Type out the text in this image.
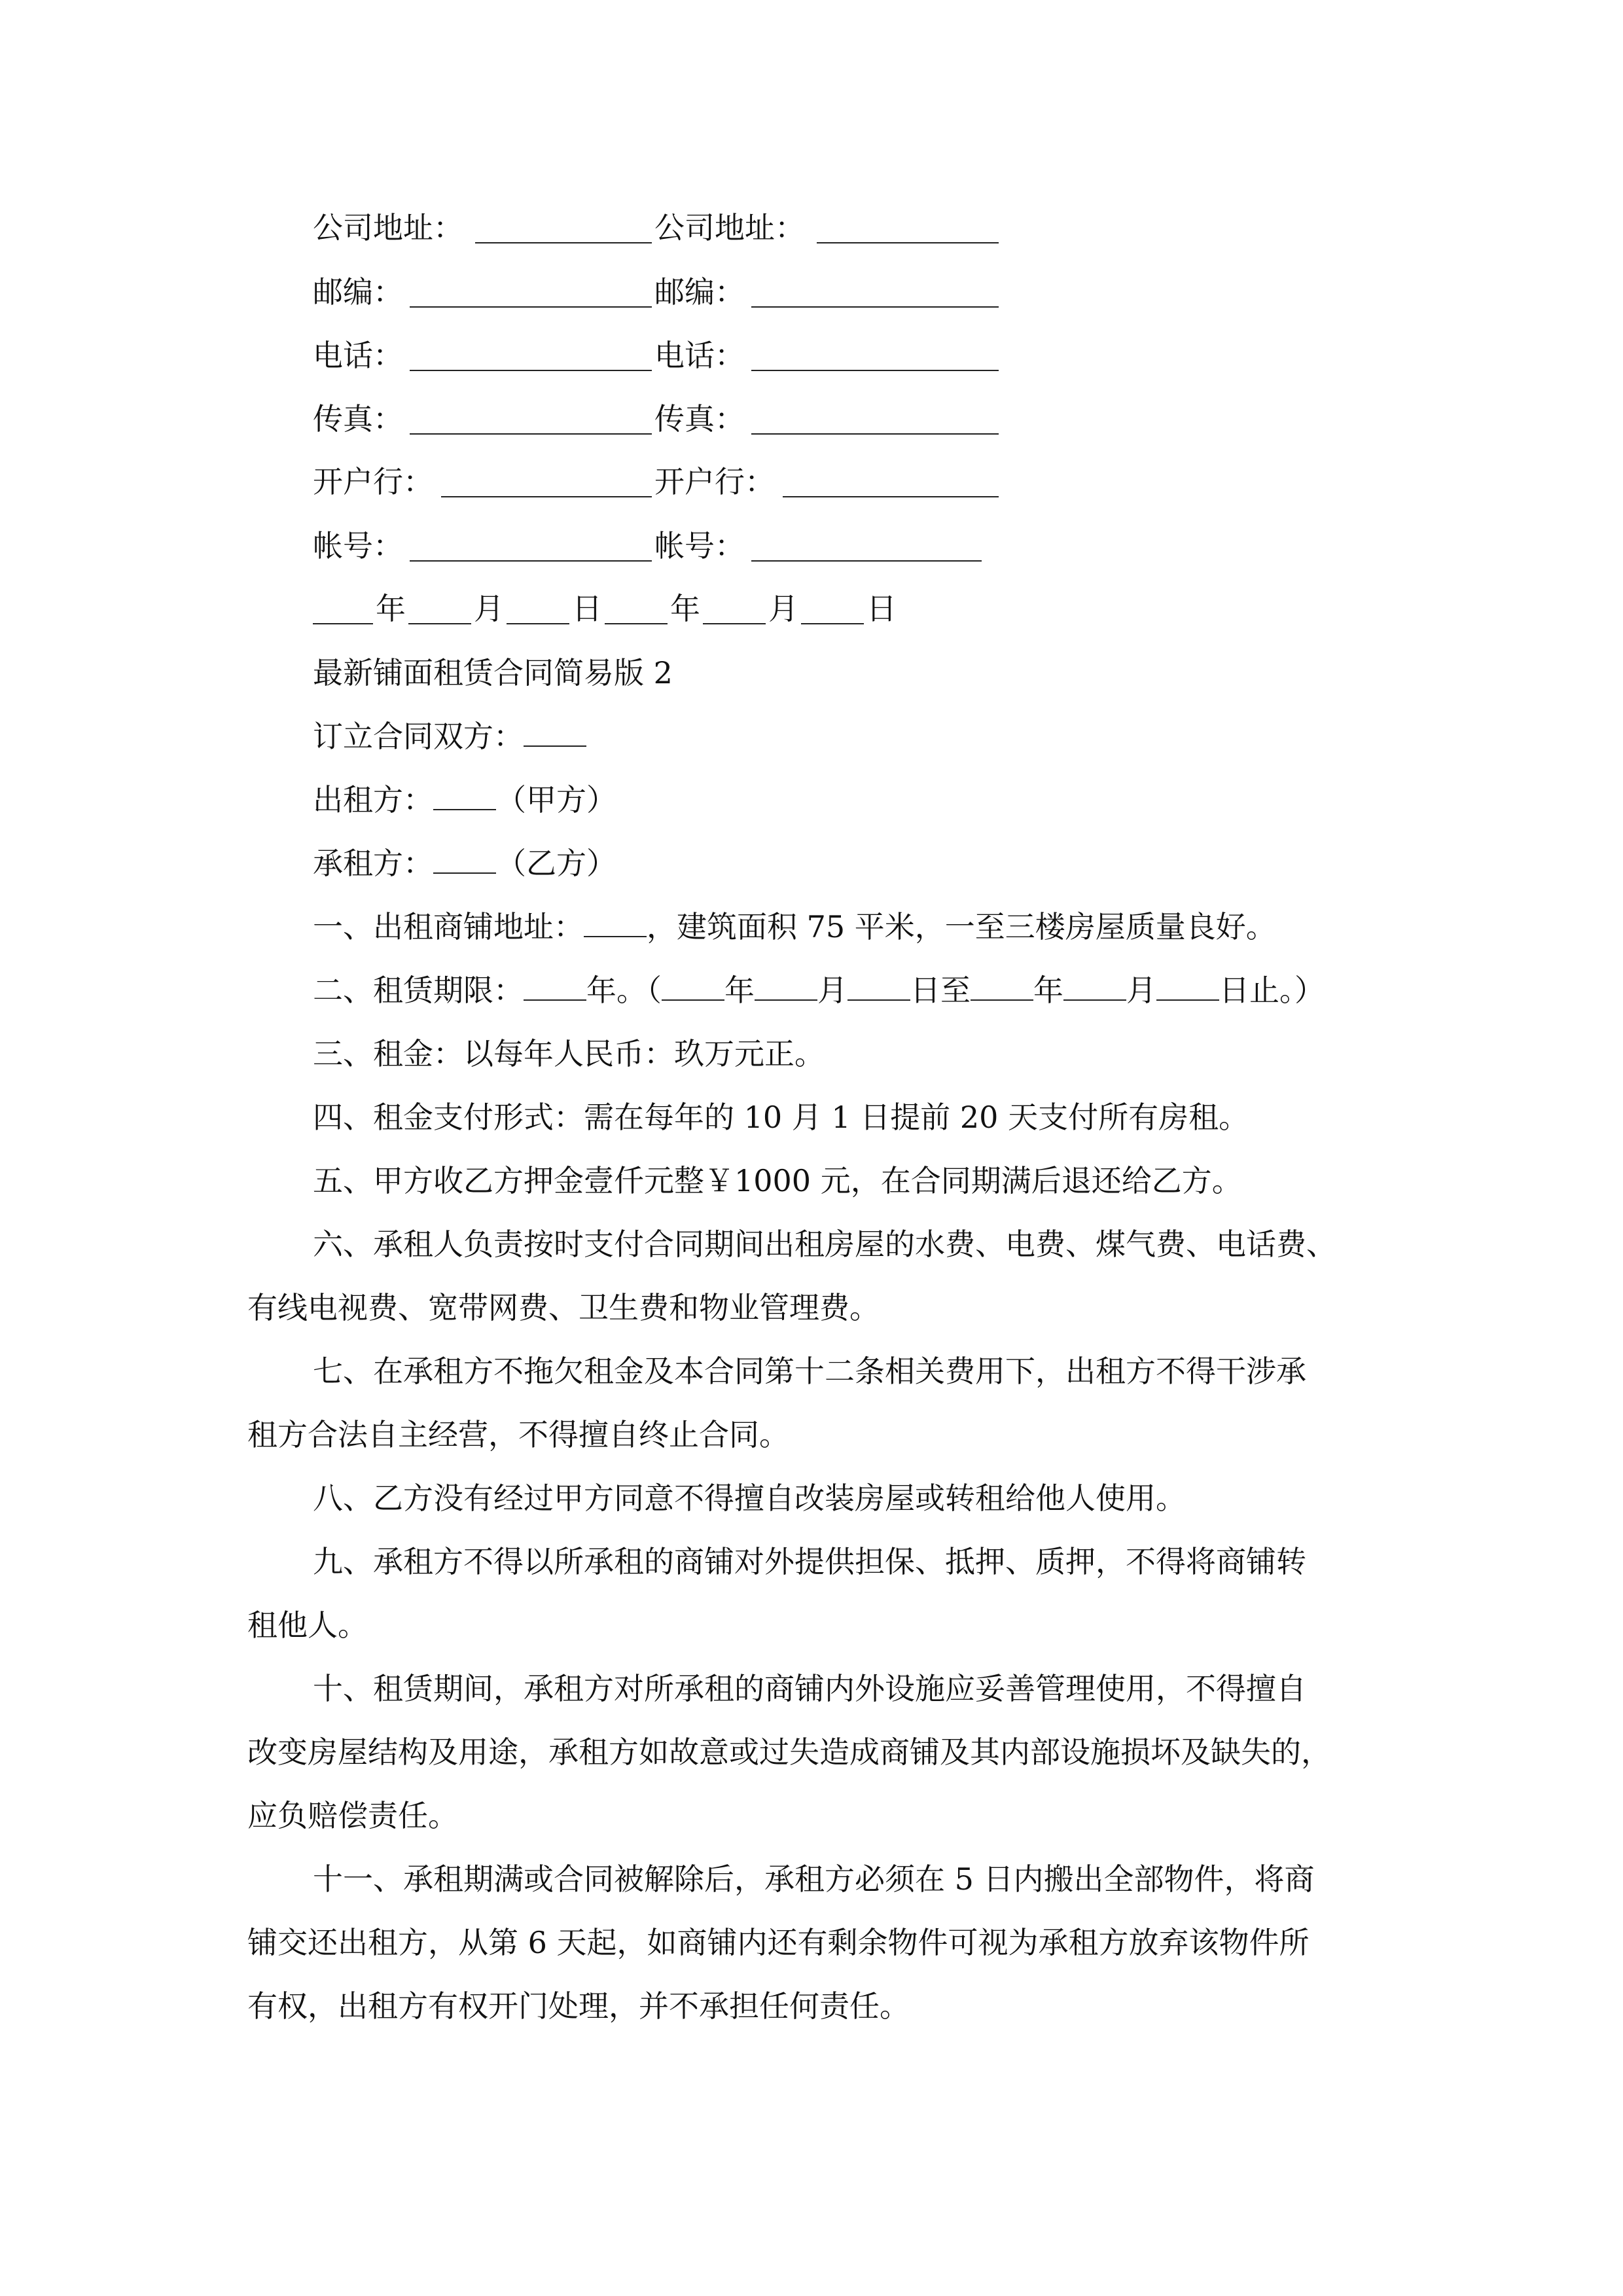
公司地址：	公司地址：
邮编：	邮编：
电话：	电话：
传真：	传真：
开户行：	开户行：
帐号：	帐号：
年 月 日 年 月 日
最新铺面租赁合同简易版 2
订立合同双方：
出租方： （甲方）
承租方： （乙方）
一、出租商铺地址： ，建筑面积 75 平米，一至三楼房屋质量良好。
二、租赁期限： 年。（ 年 月 日至 年 月 日止。）
三、租金：以每年人民币：玖万元正。
四、租金支付形式：需在每年的 10 月 1 日提前 20 天支付所有房租。
五、甲方收乙方押金壹仟元整￥1000 元，在合同期满后退还给乙方。
六、承租人负责按时支付合同期间出租房屋的水费、电费、煤气费、电话费、
有线电视费、宽带网费、卫生费和物业管理费。
七、在承租方不拖欠租金及本合同第十二条相关费用下，出租方不得干涉承
租方合法自主经营，不得擅自终止合同。
八、乙方没有经过甲方同意不得擅自改装房屋或转租给他人使用。
九、承租方不得以所承租的商铺对外提供担保、抵押、质押，不得将商铺转
租他人。
十、租赁期间，承租方对所承租的商铺内外设施应妥善管理使用，不得擅自
改变房屋结构及用途，承租方如故意或过失造成商铺及其内部设施损坏及缺失的，
应负赔偿责任。
十一、承租期满或合同被解除后，承租方必须在 5 日内搬出全部物件，将商
铺交还出租方，从第 6 天起，如商铺内还有剩余物件可视为承租方放弃该物件所
有权，出租方有权开门处理，并不承担任何责任。
